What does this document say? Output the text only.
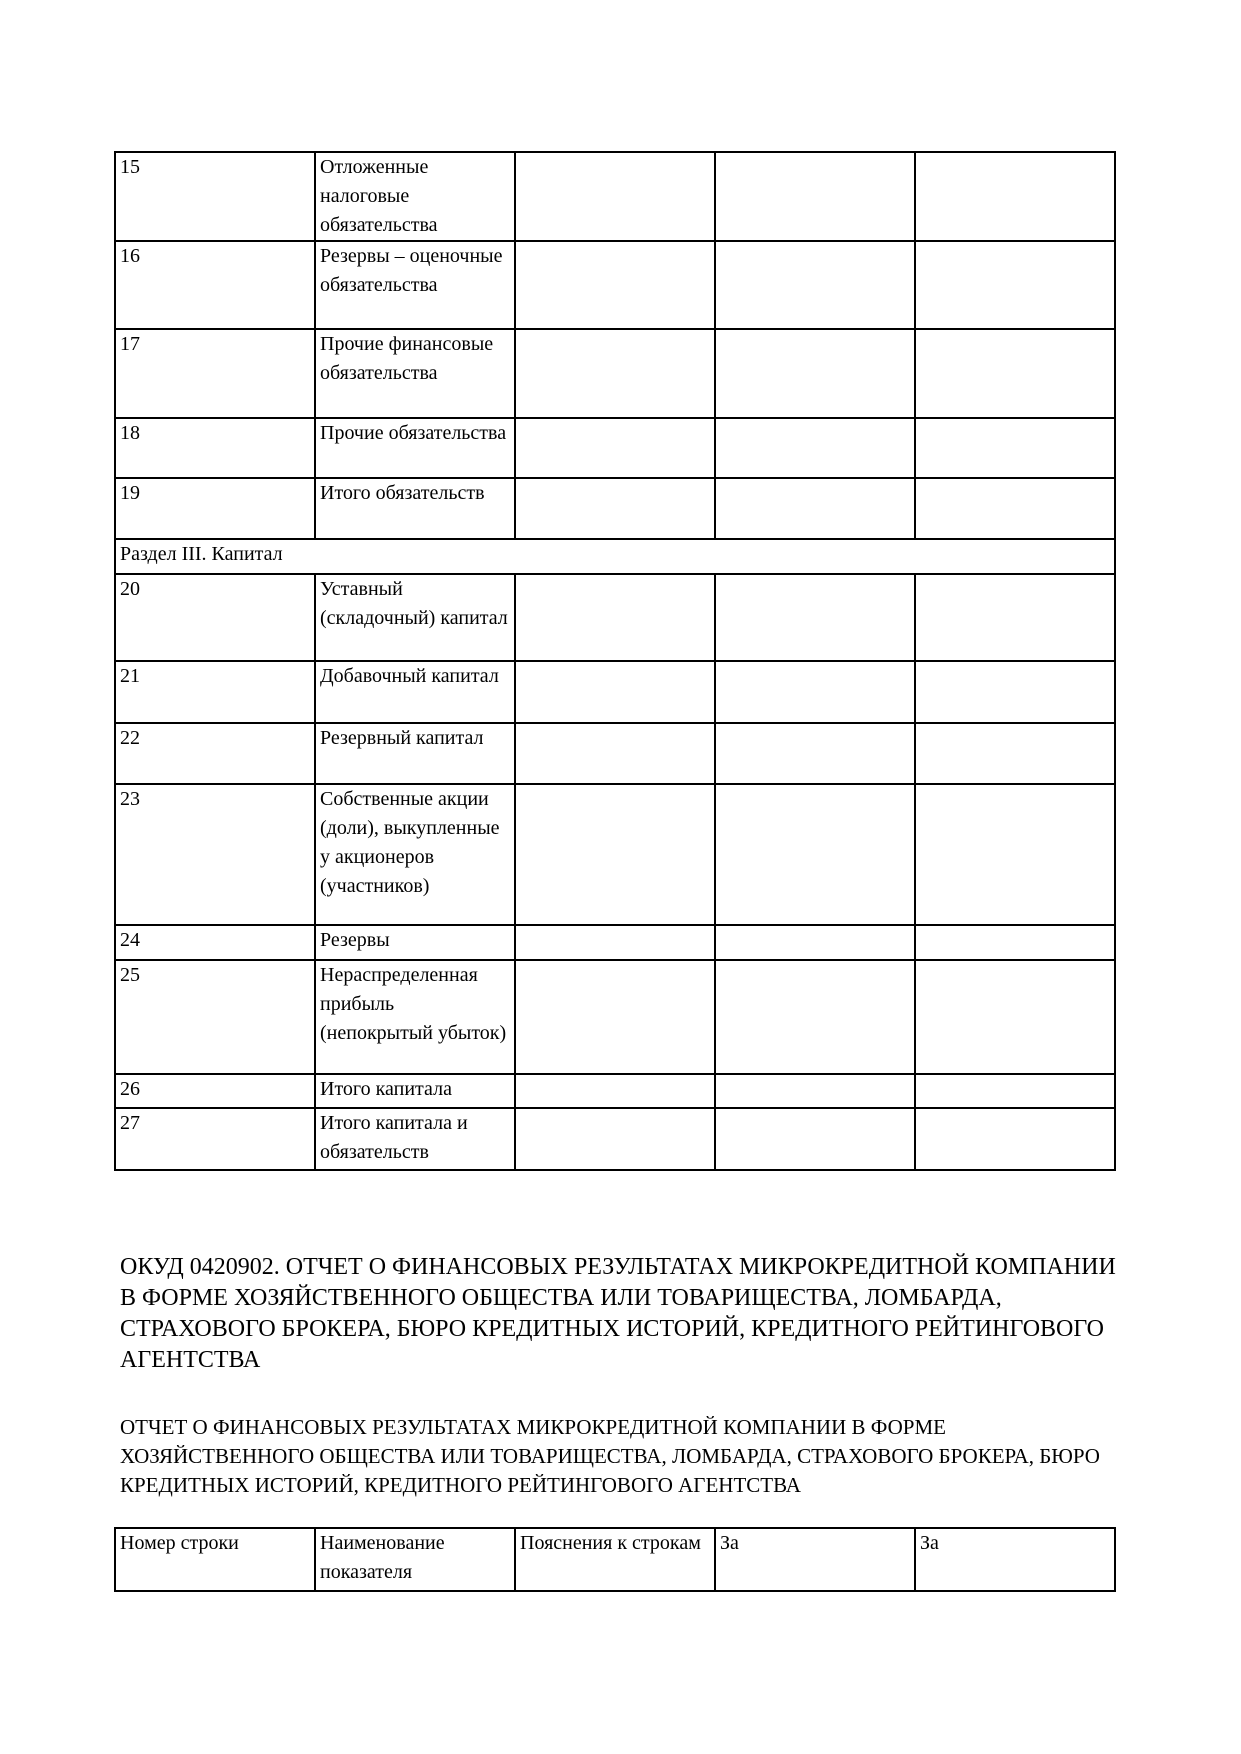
15	Отложенные налоговые обязательства			
16	Резервы – оценочные обязательства			
17	Прочие финансовые обязательства			
18	Прочие обязательства			
19	Итого обязательств			
Раздел III. Капитал				
20	Уставный (складочный) капитал			
21	Добавочный капитал			
22	Резервный капитал			
23	Собственные акции (доли), выкупленные у акционеров (участников)			
24	Резервы			
25	Нераспределенная прибыль (непокрытый убыток)			
26	Итого капитала			
27	Итого капитала и обязательств			
ОКУД 0420902. ОТЧЕТ О ФИНАНСОВЫХ РЕЗУЛЬТАТАХ МИКРОКРЕДИТНОЙ КОМПАНИИ В ФОРМЕ ХОЗЯЙСТВЕННОГО ОБЩЕСТВА ИЛИ ТОВАРИЩЕСТВА, ЛОМБАРДА, СТРАХОВОГО БРОКЕРА, БЮРО КРЕДИТНЫХ ИСТОРИЙ, КРЕДИТНОГО РЕЙТИНГОВОГО АГЕНТСТВА
ОТЧЕТ О ФИНАНСОВЫХ РЕЗУЛЬТАТАХ МИКРОКРЕДИТНОЙ КОМПАНИИ В ФОРМЕ ХОЗЯЙСТВЕННОГО ОБЩЕСТВА ИЛИ ТОВАРИЩЕСТВА, ЛОМБАРДА, СТРАХОВОГО БРОКЕРА, БЮРО КРЕДИТНЫХ ИСТОРИЙ, КРЕДИТНОГО РЕЙТИНГОВОГО АГЕНТСТВА
Номер строки	Наименование показателя	Пояснения к строкам	За	За
